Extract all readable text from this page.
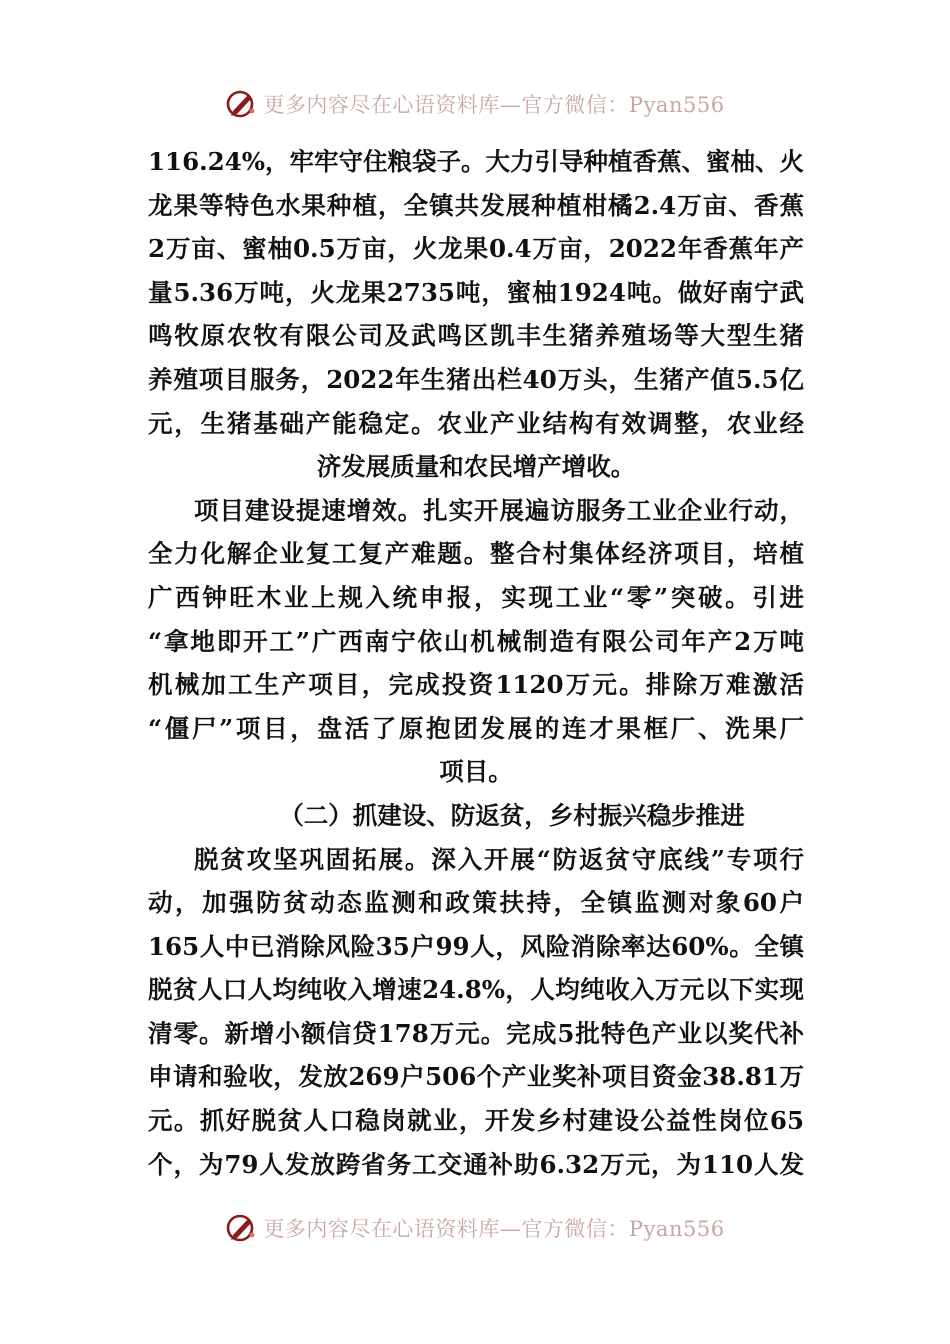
更多内容尽在心语资料库—官方微信：Pyan556
116.24%，牢牢守住粮袋子。大力引导种植香蕉、蜜柚、火
龙果等特色水果种植，全镇共发展种植柑橘2.4万亩、香蕉
2万亩、蜜柚0.5万亩，火龙果0.4万亩，2022年香蕉年产
量5.36万吨，火龙果2735吨，蜜柚1924吨。做好南宁武
鸣牧原农牧有限公司及武鸣区凯丰生猪养殖场等大型生猪
养殖项目服务，2022年生猪出栏40万头，生猪产值5.5亿
元，生猪基础产能稳定。农业产业结构有效调整，农业经
济发展质量和农民增产增收。
项目建设提速增效。扎实开展遍访服务工业企业行动，
全力化解企业复工复产难题。整合村集体经济项目，培植
广西钟旺木业上规入统申报，实现工业“零”突破。引进
“拿地即开工”广西南宁依山机械制造有限公司年产2万吨
机械加工生产项目，完成投资1120万元。排除万难激活
“僵尸”项目，盘活了原抱团发展的连才果框厂、洗果厂
项目。
（二）抓建设、防返贫，乡村振兴稳步推进
脱贫攻坚巩固拓展。深入开展“防返贫守底线”专项行
动，加强防贫动态监测和政策扶持，全镇监测对象60户
165人中已消除风险35户99人，风险消除率达60%。全镇
脱贫人口人均纯收入增速24.8%，人均纯收入万元以下实现
清零。新增小额信贷178万元。完成5批特色产业以奖代补
申请和验收，发放269户506个产业奖补项目资金38.81万
元。抓好脱贫人口稳岗就业，开发乡村建设公益性岗位65
个，为79人发放跨省务工交通补助6.32万元，为110人发
更多内容尽在心语资料库—官方微信：Pyan556
